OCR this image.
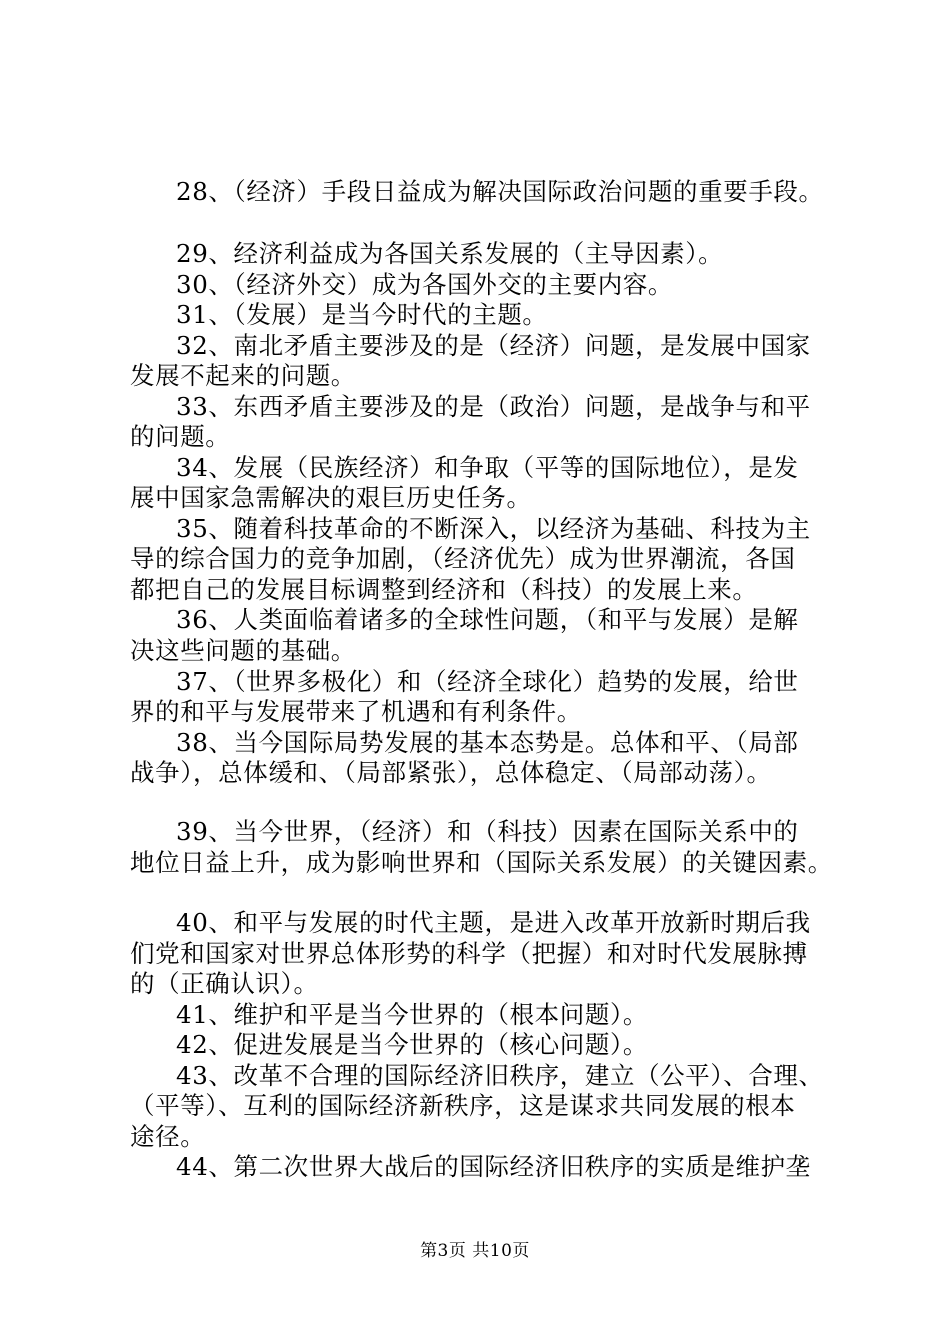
28、（经济）手段日益成为解决国际政治问题的重要手段。
29、经济利益成为各国关系发展的（主导因素）。
30、（经济外交）成为各国外交的主要内容。
31、（发展）是当今时代的主题。
32、南北矛盾主要涉及的是（经济）问题，是发展中国家
发展不起来的问题。
33、东西矛盾主要涉及的是（政治）问题，是战争与和平
的问题。
34、发展（民族经济）和争取（平等的国际地位），是发
展中国家急需解决的艰巨历史任务。
35、随着科技革命的不断深入，以经济为基础、科技为主
导的综合国力的竞争加剧，（经济优先）成为世界潮流，各国
都把自己的发展目标调整到经济和（科技）的发展上来。
36、人类面临着诸多的全球性问题，（和平与发展）是解
决这些问题的基础。
37、（世界多极化）和（经济全球化）趋势的发展，给世
界的和平与发展带来了机遇和有利条件。
38、当今国际局势发展的基本态势是。总体和平、（局部
战争），总体缓和、（局部紧张），总体稳定、（局部动荡）。
39、当今世界，（经济）和（科技）因素在国际关系中的
地位日益上升，成为影响世界和（国际关系发展）的关键因素。
40、和平与发展的时代主题，是进入改革开放新时期后我
们党和国家对世界总体形势的科学（把握）和对时代发展脉搏
的（正确认识）。
41、维护和平是当今世界的（根本问题）。
42、促进发展是当今世界的（核心问题）。
43、改革不合理的国际经济旧秩序，建立（公平）、合理、
（平等）、互利的国际经济新秩序，这是谋求共同发展的根本
途径。
44、第二次世界大战后的国际经济旧秩序的实质是维护垄
第3页 共10页
